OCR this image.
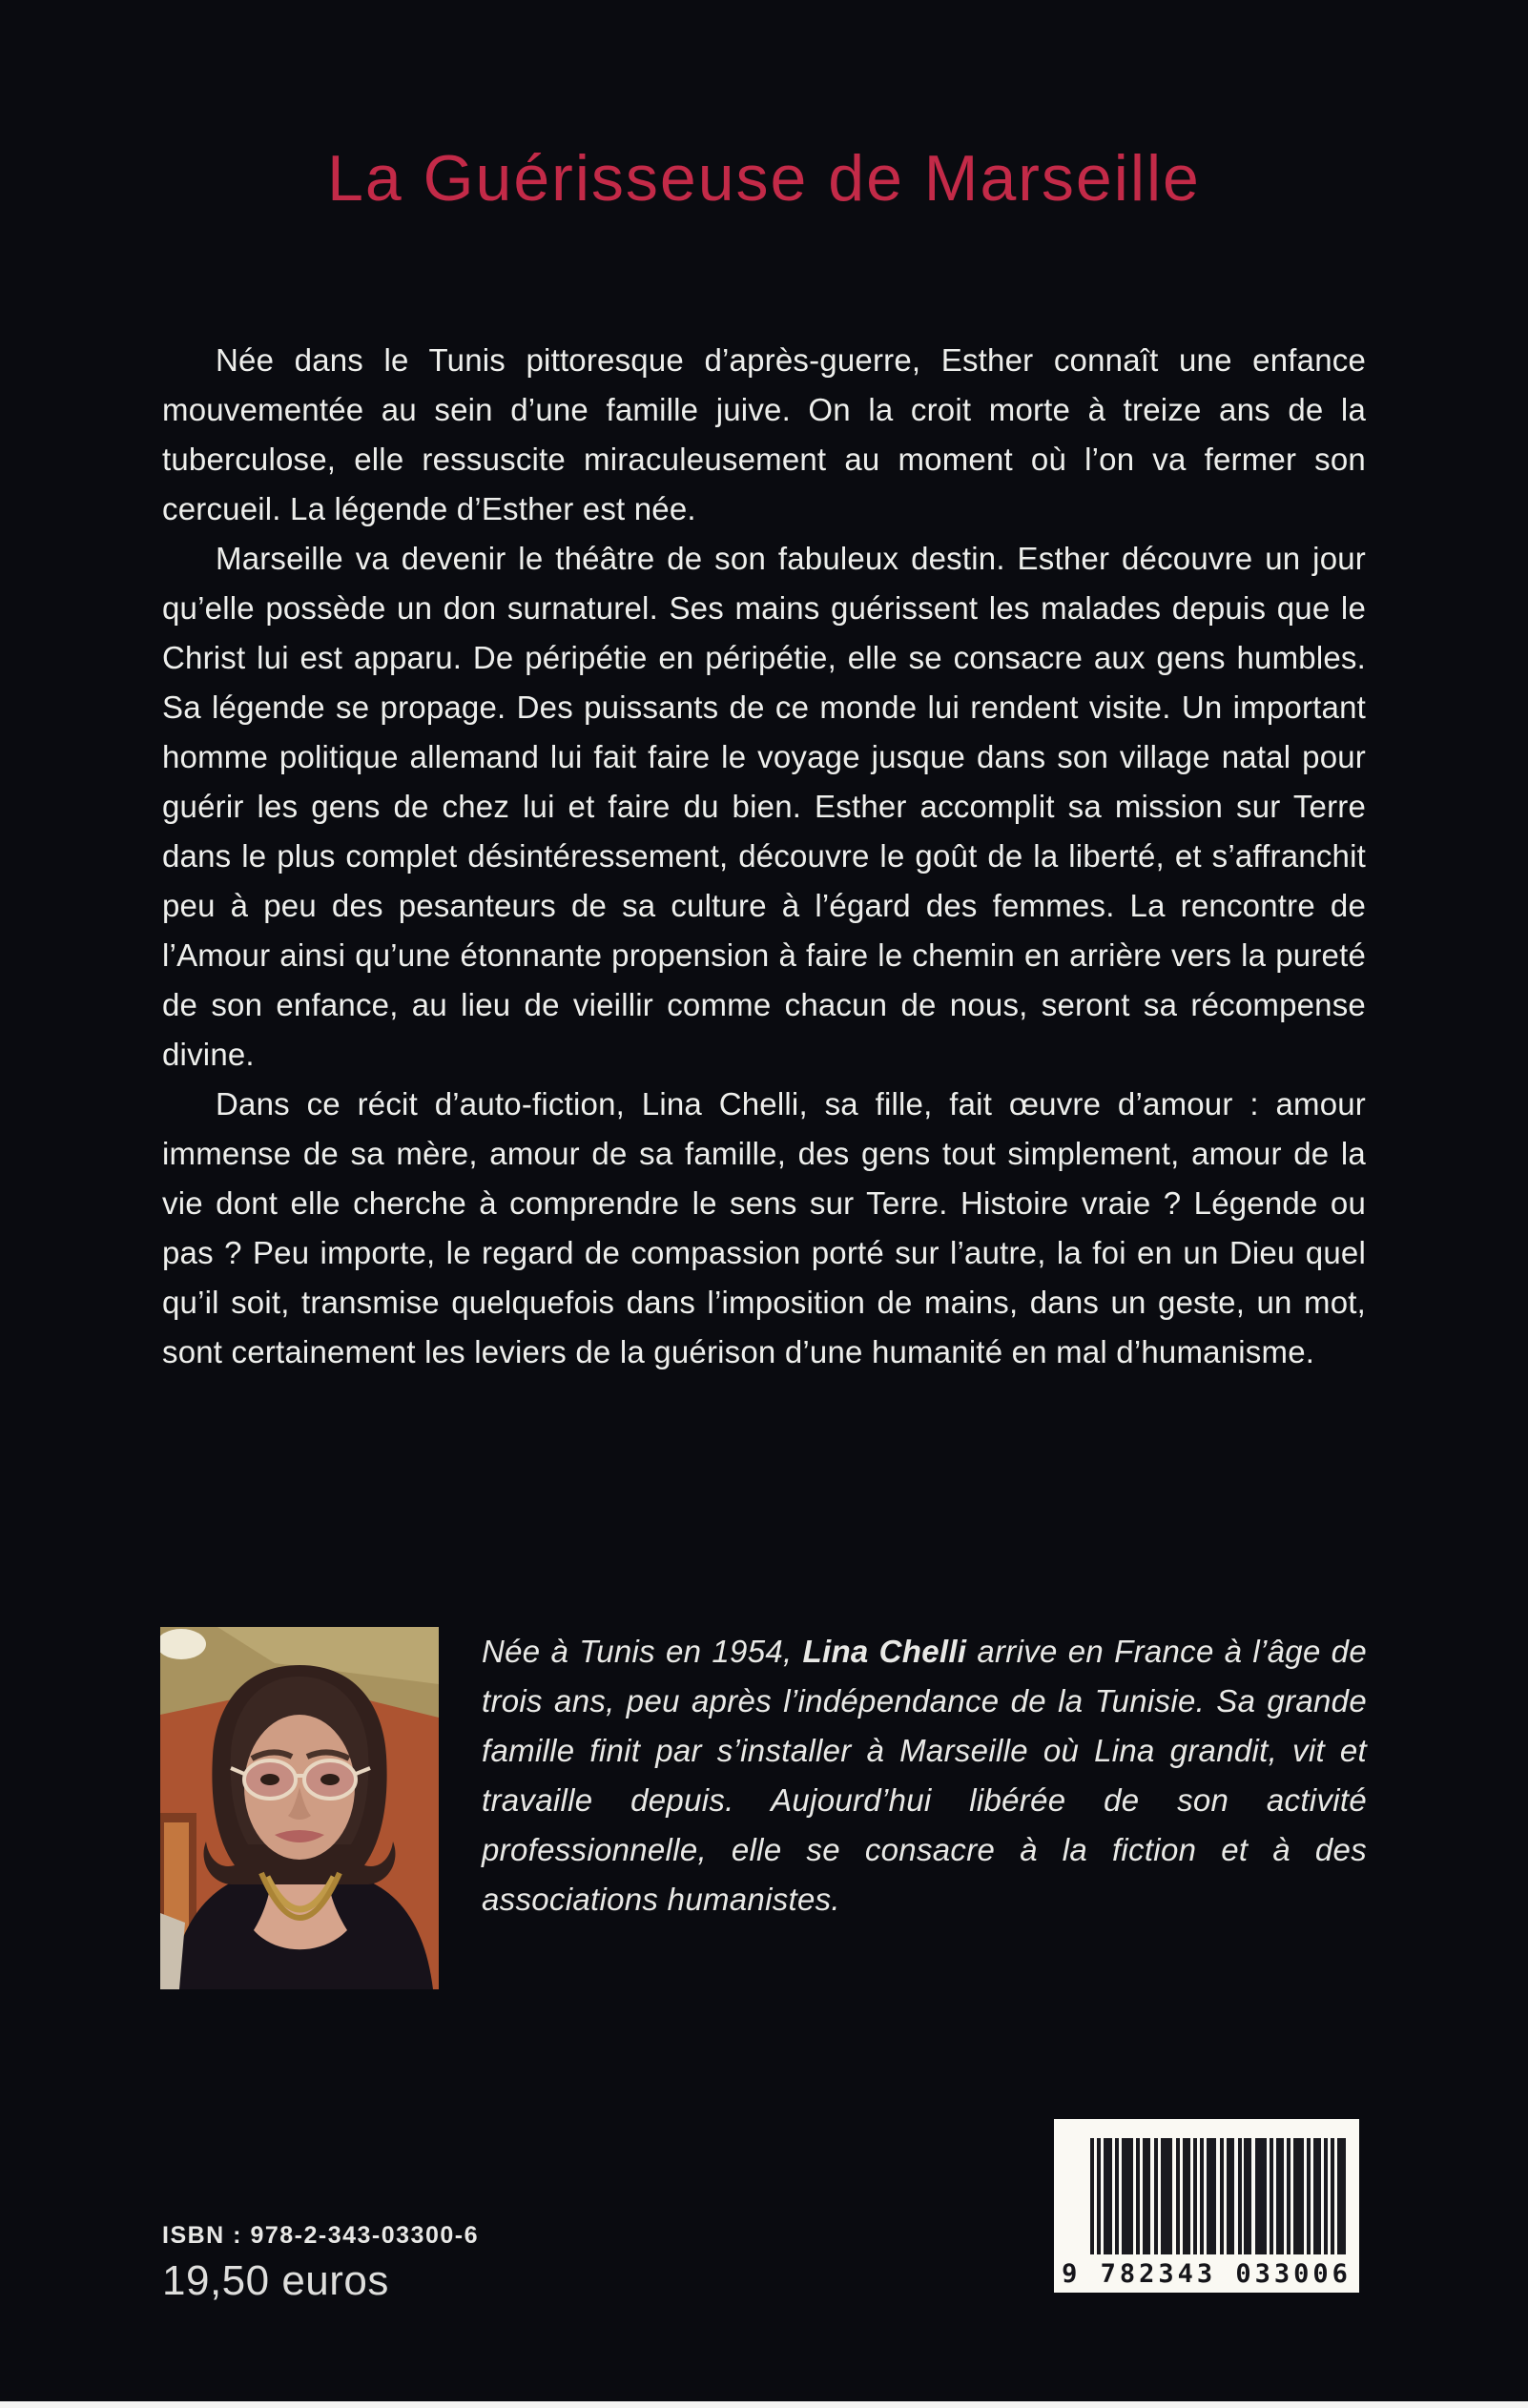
La Guérisseuse de Marseille

Née dans le Tunis pittoresque d’après-guerre, Esther connaît une enfance mouvementée au sein d’une famille juive. On la croit morte à treize ans de la tuberculose, elle ressuscite miraculeusement au moment où l’on va fermer son cercueil. La légende d’Esther est née.

Marseille va devenir le théâtre de son fabuleux destin. Esther découvre un jour qu’elle possède un don surnaturel. Ses mains guérissent les malades depuis que le Christ lui est apparu. De péripétie en péripétie, elle se consacre aux gens humbles. Sa légende se propage. Des puissants de ce monde lui rendent visite. Un important homme politique allemand lui fait faire le voyage jusque dans son village natal pour guérir les gens de chez lui et faire du bien. Esther accomplit sa mission sur Terre dans le plus complet désintéressement, découvre le goût de la liberté, et s’affranchit peu à peu des pesanteurs de sa culture à l’égard des femmes. La rencontre de l’Amour ainsi qu’une étonnante propension à faire le chemin en arrière vers la pureté de son enfance, au lieu de vieillir comme chacun de nous, seront sa récompense divine.

Dans ce récit d’auto-fiction, Lina Chelli, sa fille, fait œuvre d’amour : amour immense de sa mère, amour de sa famille, des gens tout simplement, amour de la vie dont elle cherche à comprendre le sens sur Terre. Histoire vraie ? Légende ou pas ? Peu importe, le regard de compassion porté sur l’autre, la foi en un Dieu quel qu’il soit, transmise quelquefois dans l’imposition de mains, dans un geste, un mot, sont certainement les leviers de la guérison d’une humanité en mal d’humanisme.

Née à Tunis en 1954, Lina Chelli arrive en France à l’âge de trois ans, peu après l’indépendance de la Tunisie. Sa grande famille finit par s’installer à Marseille où Lina grandit, vit et travaille depuis. Aujourd’hui libérée de son activité professionnelle, elle se consacre à la fiction et à des associations humanistes.

ISBN : 978-2-343-03300-6

19,50 euros	9 782343 033006
